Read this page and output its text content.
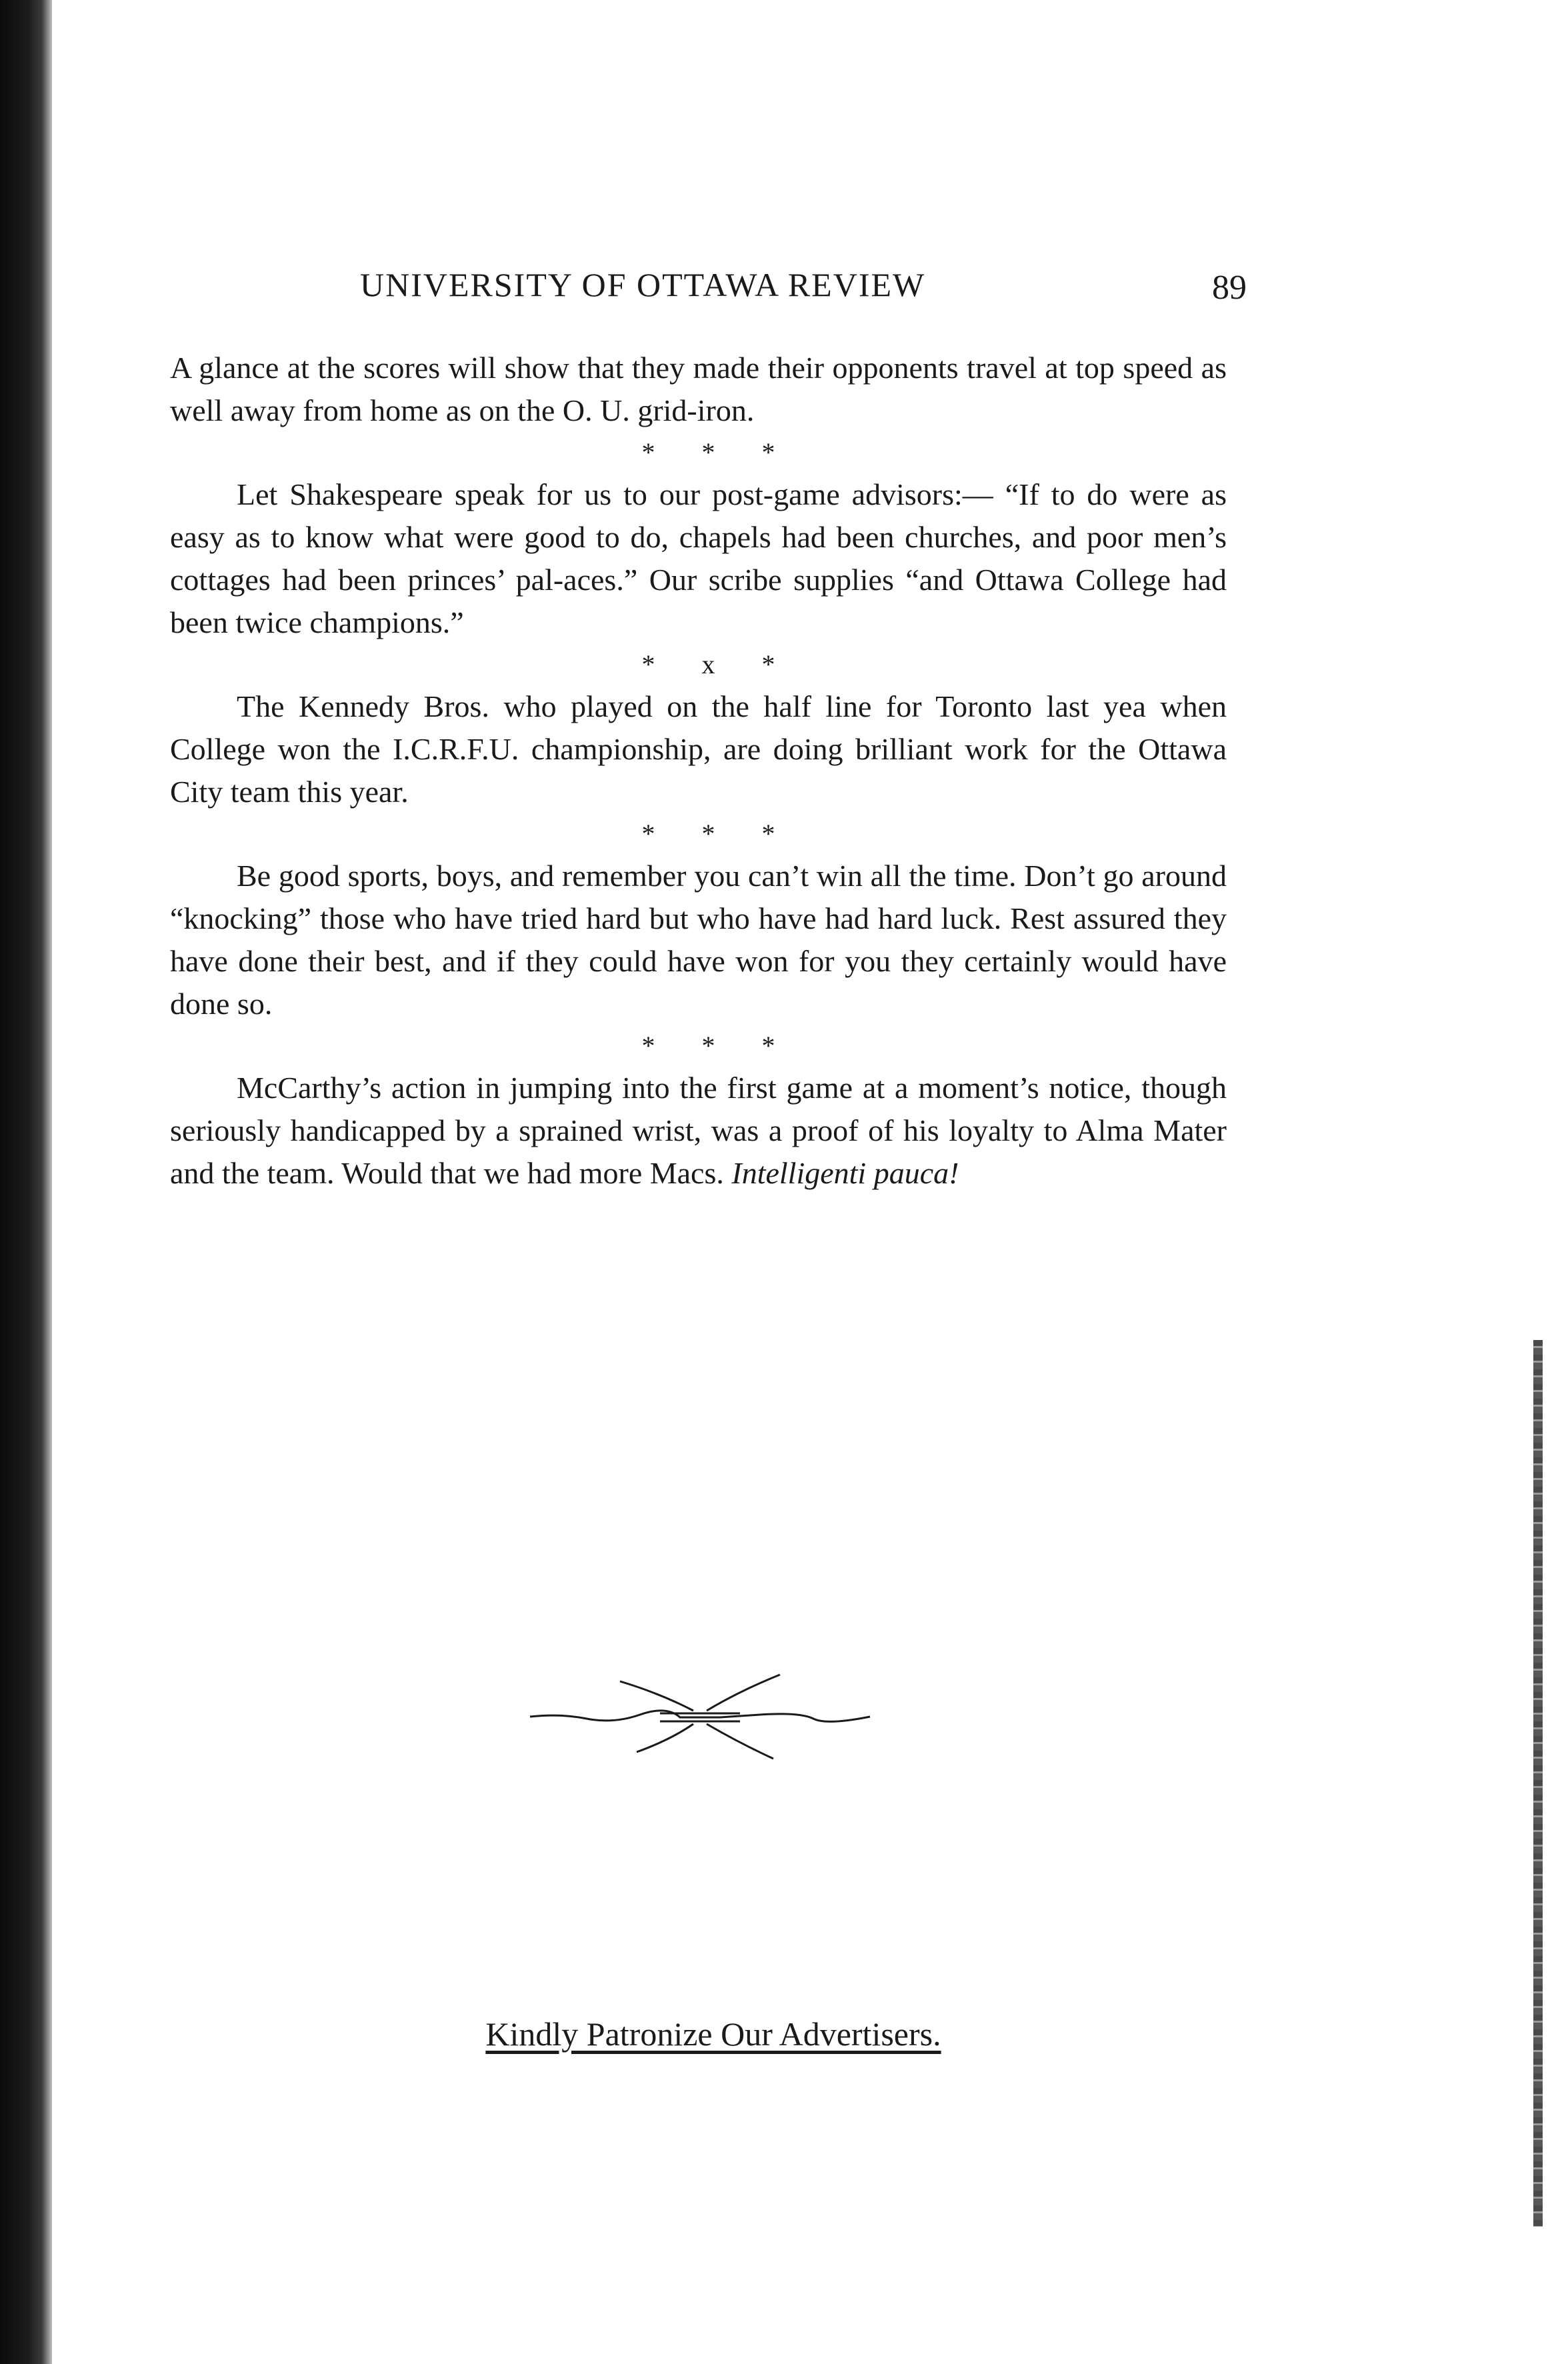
UNIVERSITY OF OTTAWA REVIEW	89

A glance at the scores will show that they made their opponents travel at top speed as well away from home as on the O. U. grid-iron.

* * *

Let Shakespeare speak for us to our post-game advisors:— “If to do were as easy as to know what were good to do, chapels had been churches, and poor men’s cottages had been princes’ pal-aces.” Our scribe supplies “and Ottawa College had been twice champions.”

* x *

The Kennedy Bros. who played on the half line for Toronto last yea when College won the I.C.R.F.U. championship, are doing brilliant work for the Ottawa City team this year.

* * *

Be good sports, boys, and remember you can’t win all the time. Don’t go around “knocking” those who have tried hard but who have had hard luck. Rest assured they have done their best, and if they could have won for you they certainly would have done so.

* * *

McCarthy’s action in jumping into the first game at a moment’s notice, though seriously handicapped by a sprained wrist, was a proof of his loyalty to Alma Mater and the team. Would that we had more Macs. Intelligenti pauca!

Kindly Patronize Our Advertisers.
